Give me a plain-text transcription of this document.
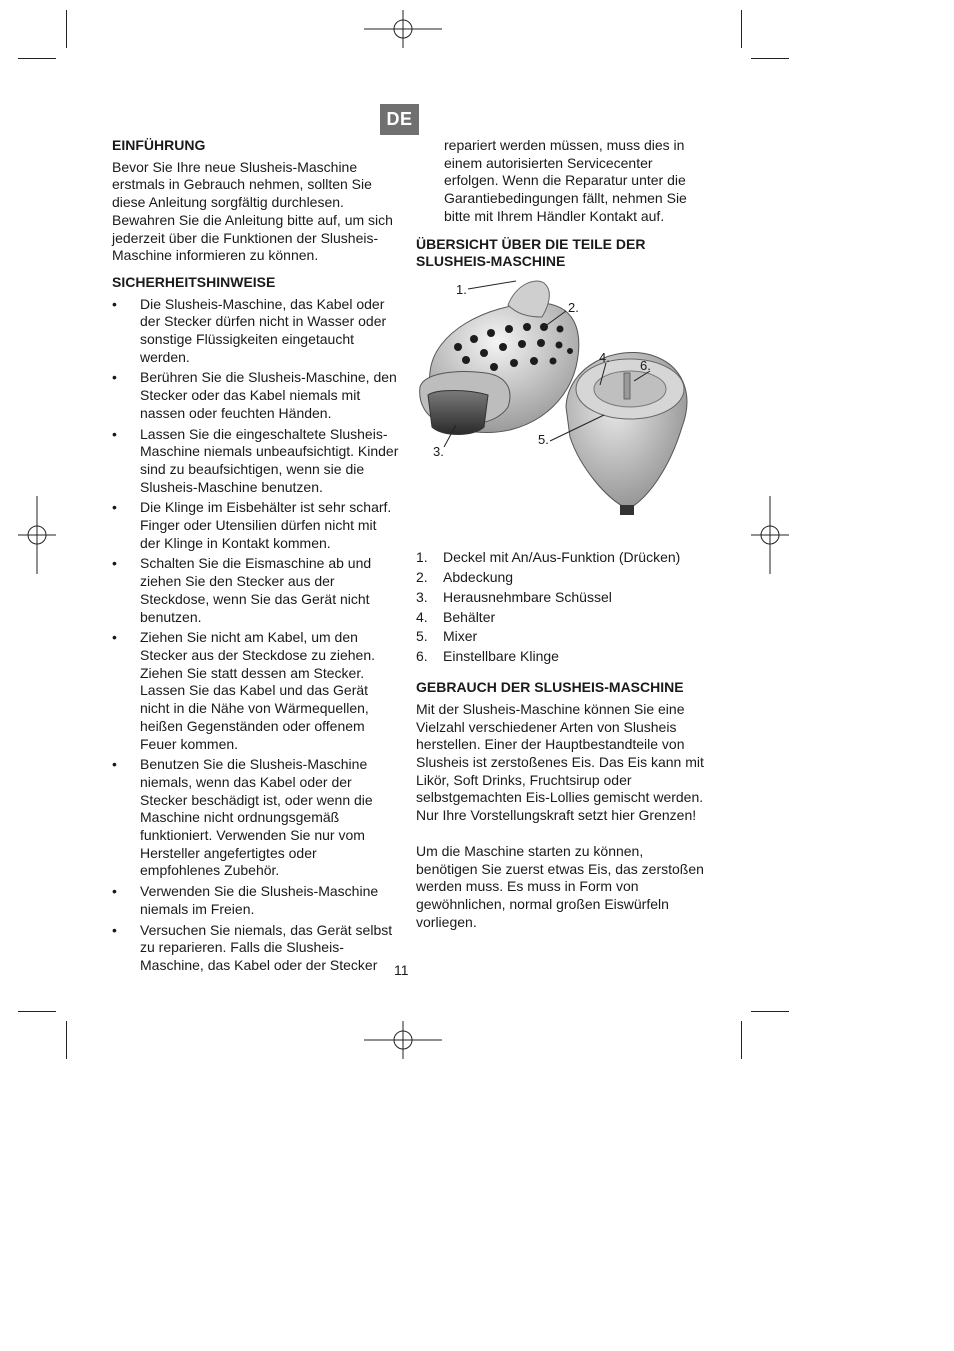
DE
EINFÜHRUNG

Bevor Sie Ihre neue Slusheis-Maschine erstmals in Gebrauch nehmen, sollten Sie diese Anleitung sorgfältig durchlesen. Bewahren Sie die Anleitung bitte auf, um sich jederzeit über die Funktionen der Slusheis-Maschine informieren zu können.

SICHERHEITSHINWEISE
• Die Slusheis-Maschine, das Kabel oder der Stecker dürfen nicht in Wasser oder sonstige Flüssigkeiten eingetaucht werden.
• Berühren Sie die Slusheis-Maschine, den Stecker oder das Kabel niemals mit nassen oder feuchten Händen.
• Lassen Sie die eingeschaltete Slusheis-Maschine niemals unbeaufsichtigt. Kinder sind zu beaufsichtigen, wenn sie die Slusheis-Maschine benutzen.
• Die Klinge im Eisbehälter ist sehr scharf. Finger oder Utensilien dürfen nicht mit der Klinge in Kontakt kommen.
• Schalten Sie die Eismaschine ab und ziehen Sie den Stecker aus der Steckdose, wenn Sie das Gerät nicht benutzen.
• Ziehen Sie nicht am Kabel, um den Stecker aus der Steckdose zu ziehen. Ziehen Sie statt dessen am Stecker. Lassen Sie das Kabel und das Gerät nicht in die Nähe von Wärmequellen, heißen Gegenständen oder offenem Feuer kommen.
• Benutzen Sie die Slusheis-Maschine niemals, wenn das Kabel oder der Stecker beschädigt ist, oder wenn die Maschine nicht ordnungsgemäß funktioniert. Verwenden Sie nur vom Hersteller angefertigtes oder empfohlenes Zubehör.
• Verwenden Sie die Slusheis-Maschine niemals im Freien.
• Versuchen Sie niemals, das Gerät selbst zu reparieren. Falls die Slusheis-Maschine, das Kabel oder der Stecker

repariert werden müssen, muss dies in einem autorisierten Servicecenter erfolgen. Wenn die Reparatur unter die Garantiebedingungen fällt, nehmen Sie bitte mit Ihrem Händler Kontakt auf.

ÜBERSICHT ÜBER DIE TEILE DER SLUSHEIS-MASCHINE
1.
2.
3.
4.
5.
6.
1. Deckel mit An/Aus-Funktion (Drücken)
2. Abdeckung
3. Herausnehmbare Schüssel
4. Behälter
5. Mixer
6. Einstellbare Klinge
GEBRAUCH DER SLUSHEIS-MASCHINE

Mit der Slusheis-Maschine können Sie eine Vielzahl verschiedener Arten von Slusheis herstellen. Einer der Hauptbestandteile von Slusheis ist zerstoßenes Eis. Das Eis kann mit Likör, Soft Drinks, Fruchtsirup oder selbstgemachten Eis-Lollies gemischt werden. Nur Ihre Vorstellungskraft setzt hier Grenzen!

Um die Maschine starten zu können, benötigen Sie zuerst etwas Eis, das zerstoßen werden muss. Es muss in Form von gewöhnlichen, normal großen Eiswürfeln vorliegen.

11
